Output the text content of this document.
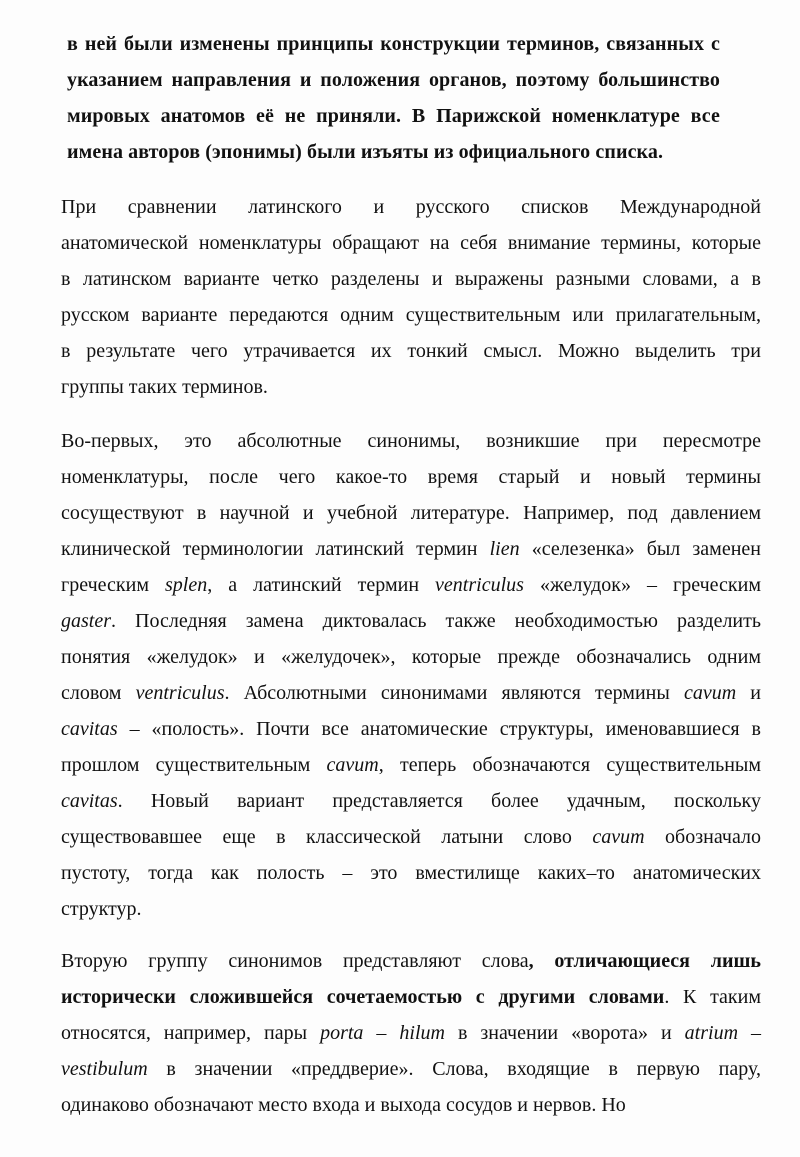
в ней были изменены принципы конструкции терминов, связанных с
указанием направления и положения органов, поэтому большинство
мировых анатомов её не приняли. В Парижской номенклатуре все
имена авторов (эпонимы) были изъяты из официального списка.
При сравнении латинского и русского списков Международной
анатомической номенклатуры обращают на себя внимание термины, которые
в латинском варианте четко разделены и выражены разными словами, а в
русском варианте передаются одним существительным или прилагательным,
в результате чего утрачивается их тонкий смысл. Можно выделить три
группы таких терминов.
Во-первых, это абсолютные синонимы, возникшие при пересмотре
номенклатуры, после чего какое-то время старый и новый термины
сосуществуют в научной и учебной литературе. Например, под давлением
клинической терминологии латинский термин lien «селезенка» был заменен
греческим splen, а латинский термин ventriculus «желудок» – греческим
gaster. Последняя замена диктовалась также необходимостью разделить
понятия «желудок» и «желудочек», которые прежде обозначались одним
словом ventriculus. Абсолютными синонимами являются термины cavum и
cavitas – «полость». Почти все анатомические структуры, именовавшиеся в
прошлом существительным cavum, теперь обозначаются существительным
cavitas. Новый вариант представляется более удачным, поскольку
существовавшее еще в классической латыни слово cavum обозначало
пустоту, тогда как полость – это вместилище каких–то анатомических
структур.
Вторую группу синонимов представляют слова, отличающиеся лишь
исторически сложившейся сочетаемостью с другими словами. К таким
относятся, например, пары porta – hilum в значении «ворота» и atrium –
vestibulum в значении «преддверие». Слова, входящие в первую пару,
одинаково обозначают место входа и выхода сосудов и нервов. Но
